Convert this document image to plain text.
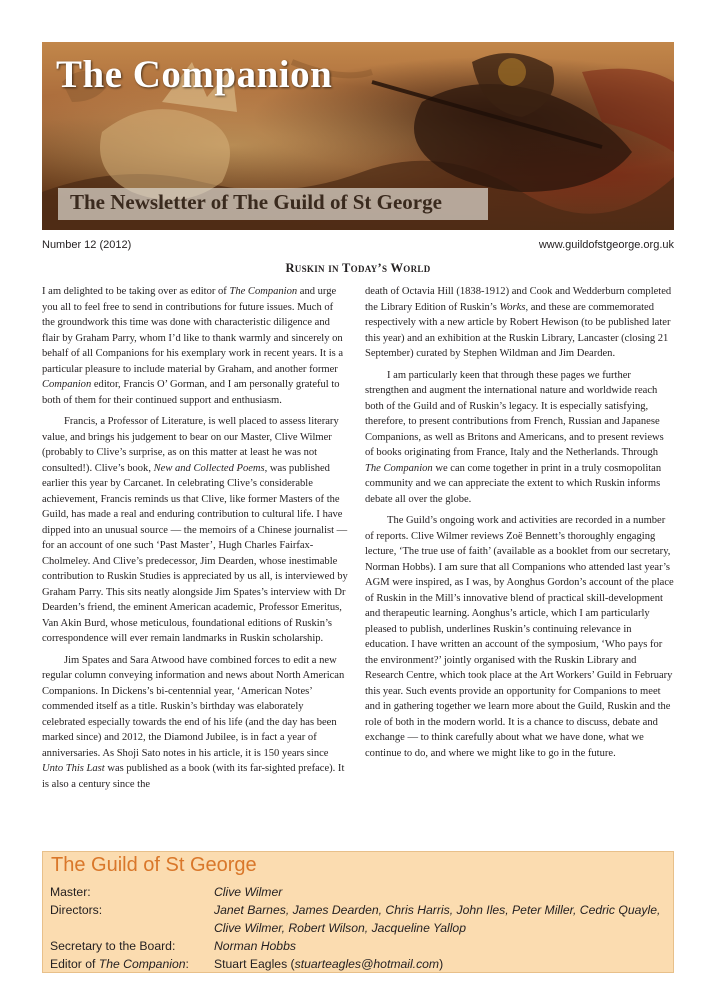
The Companion
The Newsletter of The Guild of St George
Number 12 (2012)	www.guildofstgeorge.org.uk
Ruskin in Today’s World

I am delighted to be taking over as editor of The Companion and urge you all to feel free to send in contributions for future issues. Much of the groundwork this time was done with characteristic diligence and flair by Graham Parry, whom I’d like to thank warmly and sincerely on behalf of all Companions for his exemplary work in recent years. It is a particular pleasure to include material by Graham, and another former Companion editor, Francis O’ Gorman, and I am personally grateful to both of them for their continued support and enthusiasm.

Francis, a Professor of Literature, is well placed to assess literary value, and brings his judgement to bear on our Master, Clive Wilmer (probably to Clive’s surprise, as on this matter at least he was not consulted!). Clive’s book, New and Collected Poems, was published earlier this year by Carcanet. In celebrating Clive’s considerable achievement, Francis reminds us that Clive, like former Masters of the Guild, has made a real and enduring contribution to cultural life. I have dipped into an unusual source — the memoirs of a Chinese journalist — for an account of one such ‘Past Master’, Hugh Charles Fairfax-Cholmeley. And Clive’s predecessor, Jim Dearden, whose inestimable contribution to Ruskin Studies is appreciated by us all, is interviewed by Graham Parry. This sits neatly alongside Jim Spates’s interview with Dr Dearden’s friend, the eminent American academic, Professor Emeritus, Van Akin Burd, whose meticulous, foundational editions of Ruskin’s correspondence will ever remain landmarks in Ruskin scholarship.

Jim Spates and Sara Atwood have combined forces to edit a new regular column conveying information and news about North American Companions. In Dickens’s bi-centennial year, ‘American Notes’ commended itself as a title. Ruskin’s birthday was elaborately celebrated especially towards the end of his life (and the day has been marked since) and 2012, the Diamond Jubilee, is in fact a year of anniversaries. As Shoji Sato notes in his article, it is 150 years since Unto This Last was published as a book (with its far-sighted preface). It is also a century since the

death of Octavia Hill (1838-1912) and Cook and Wedderburn completed the Library Edition of Ruskin’s Works, and these are commemorated respectively with a new article by Robert Hewison (to be published later this year) and an exhibition at the Ruskin Library, Lancaster (closing 21 September) curated by Stephen Wildman and Jim Dearden.

I am particularly keen that through these pages we further strengthen and augment the international nature and worldwide reach both of the Guild and of Ruskin’s legacy. It is especially satisfying, therefore, to present contributions from French, Russian and Japanese Companions, as well as Britons and Americans, and to present reviews of books originating from France, Italy and the Netherlands. Through The Companion we can come together in print in a truly cosmopolitan community and we can appreciate the extent to which Ruskin informs debate all over the globe.

The Guild’s ongoing work and activities are recorded in a number of reports. Clive Wilmer reviews Zoë Bennett’s thoroughly engaging lecture, ‘The true use of faith’ (available as a booklet from our secretary, Norman Hobbs). I am sure that all Companions who attended last year’s AGM were inspired, as I was, by Aonghus Gordon’s account of the place of Ruskin in the Mill’s innovative blend of practical skill-development and therapeutic learning. Aonghus’s article, which I am particularly pleased to publish, underlines Ruskin’s continuing relevance in education. I have written an account of the symposium, ‘Who pays for the environment?’ jointly organised with the Ruskin Library and Research Centre, which took place at the Art Workers’ Guild in February this year. Such events provide an opportunity for Companions to meet and in gathering together we learn more about the Guild, Ruskin and the role of both in the modern world. It is a chance to discuss, debate and exchange — to think carefully about what we have done, what we continue to do, and where we might like to go in the future.

The Guild of St George
Master:	Clive Wilmer
Directors:	Janet Barnes, James Dearden, Chris Harris, John Iles, Peter Miller, Cedric Quayle,
Clive Wilmer, Robert Wilson, Jacqueline Yallop
Secretary to the Board:	Norman Hobbs
Editor of The Companion: Stuart Eagles (stuarteagles@hotmail.com)
